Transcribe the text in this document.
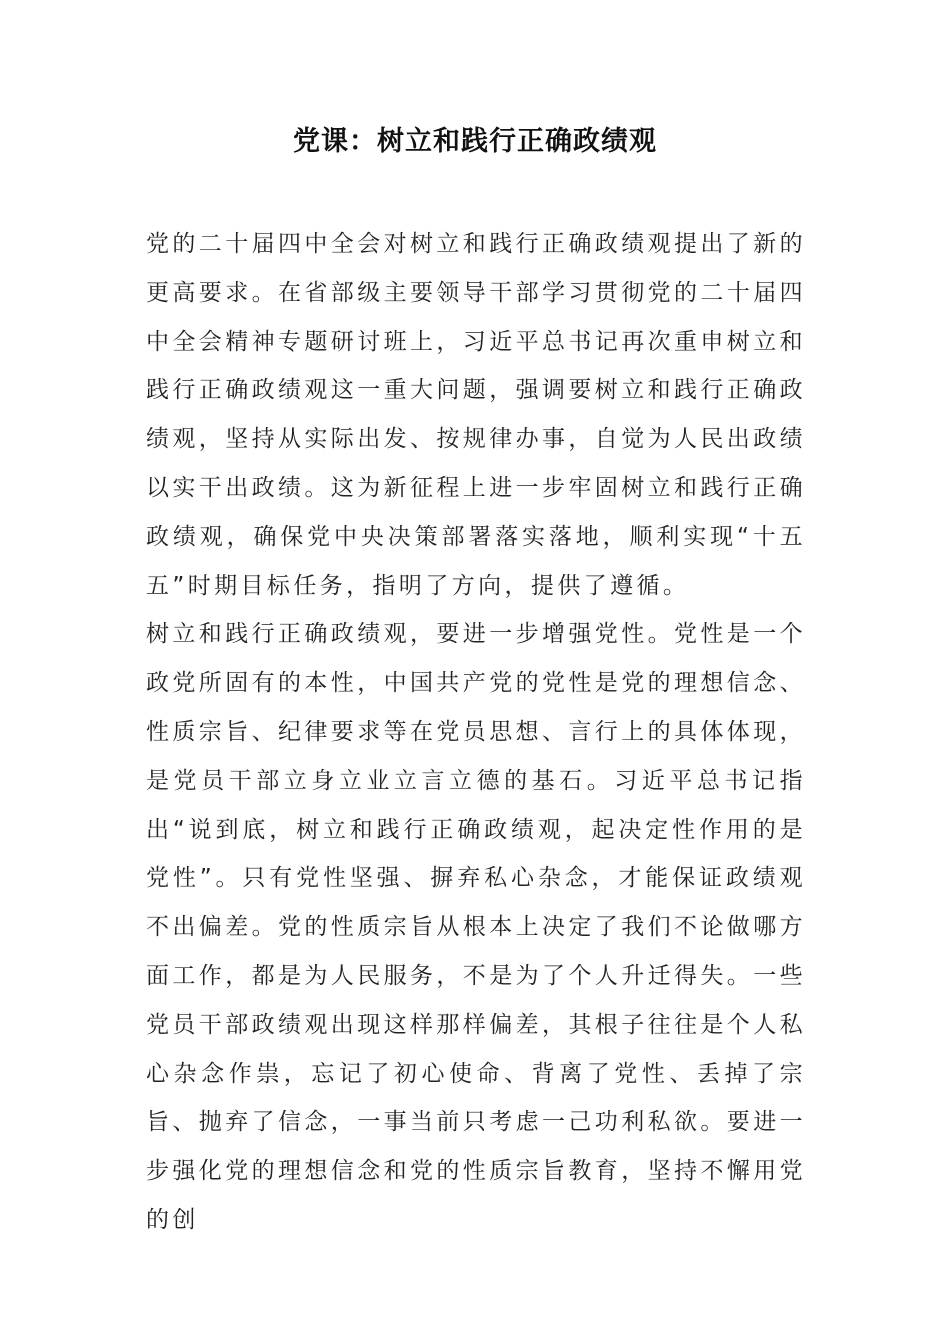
党课：树立和践行正确政绩观

党的二十届四中全会对树立和践行正确政绩观提出了新的更高要求。在省部级主要领导干部学习贯彻党的二十届四中全会精神专题研讨班上，习近平总书记再次重申树立和践行正确政绩观这一重大问题，强调要树立和践行正确政绩观，坚持从实际出发、按规律办事，自觉为人民出政绩以实干出政绩。这为新征程上进一步牢固树立和践行正确政绩观，确保党中央决策部署落实落地，顺利实现“十五五”时期目标任务，指明了方向，提供了遵循。

树立和践行正确政绩观，要进一步增强党性。党性是一个政党所固有的本性，中国共产党的党性是党的理想信念、性质宗旨、纪律要求等在党员思想、言行上的具体体现，是党员干部立身立业立言立德的基石。习近平总书记指出“说到底，树立和践行正确政绩观，起决定性作用的是党性”。只有党性坚强、摒弃私心杂念，才能保证政绩观不出偏差。党的性质宗旨从根本上决定了我们不论做哪方面工作，都是为人民服务，不是为了个人升迁得失。一些党员干部政绩观出现这样那样偏差，其根子往往是个人私心杂念作祟，忘记了初心使命、背离了党性、丢掉了宗旨、抛弃了信念，一事当前只考虑一己功利私欲。要进一步强化党的理想信念和党的性质宗旨教育，坚持不懈用党的创
